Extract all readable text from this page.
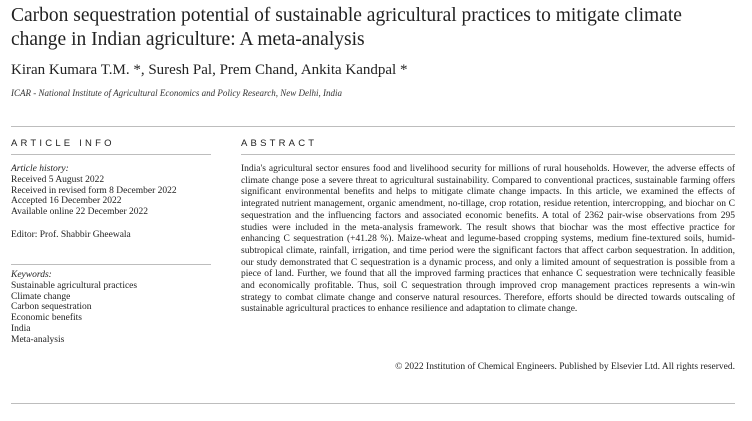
Carbon sequestration potential of sustainable agricultural practices to mitigate climate change in Indian agriculture: A meta-analysis
Kiran Kumara T.M. *, Suresh Pal, Prem Chand, Ankita Kandpal *
ICAR - National Institute of Agricultural Economics and Policy Research, New Delhi, India
ARTICLE INFO	ABSTRACT
Article history:
Received 5 August 2022
Received in revised form 8 December 2022
Accepted 16 December 2022
Available online 22 December 2022
Editor: Prof. Shabbir Gheewala
Keywords:
Sustainable agricultural practices
Climate change
Carbon sequestration
Economic benefits
India
Meta-analysis

India's agricultural sector ensures food and livelihood security for millions of rural households. However, the adverse effects of climate change pose a severe threat to agricultural sustainability. Compared to conventional practices, sustainable farming offers significant environmental benefits and helps to mitigate climate change impacts. In this article, we examined the effects of integrated nutrient management, organic amendment, no-tillage, crop rotation, residue retention, intercropping, and biochar on C sequestration and the influencing factors and associated economic benefits. A total of 2362 pair-wise observations from 295 studies were included in the meta-analysis framework. The result shows that biochar was the most effective practice for enhancing C sequestration (+41.28 %). Maize-wheat and legume-based cropping systems, medium fine-textured soils, humid-subtropical climate, rainfall, irrigation, and time period were the significant factors that affect carbon sequestration. In addition, our study demonstrated that C sequestration is a dynamic process, and only a limited amount of sequestration is possible from a piece of land. Further, we found that all the improved farming practices that enhance C sequestration were technically feasible and economically profitable. Thus, soil C sequestration through improved crop management practices represents a win-win strategy to combat climate change and conserve natural resources. Therefore, efforts should be directed towards outscaling of sustainable agricultural practices to enhance resilience and adaptation to climate change.

© 2022 Institution of Chemical Engineers. Published by Elsevier Ltd. All rights reserved.
